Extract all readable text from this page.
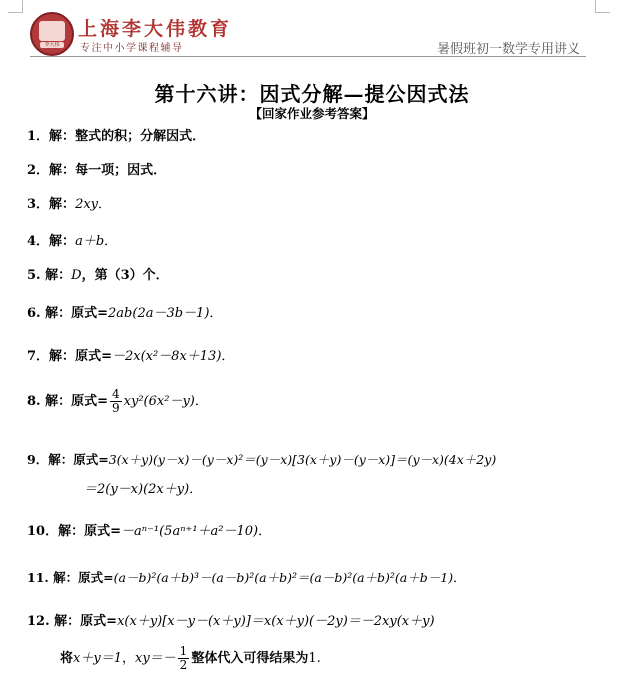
李大伟
上海李大伟教育
专注中小学课程辅导	暑假班初一数学专用讲义
第十六讲：因式分解—提公因式法
【回家作业参考答案】
1．解：整式的积；分解因式．
2．解：每一项；因式．
3．解：2xy．
4．解：a＋b．
5. 解：D，第（3）个．
6. 解：原式=2ab(2a－3b－1)．
7．解：原式=－2x(x²－8x＋13)．
8. 解：原式= $\frac{4}{9} xy^2(6x^2-y)$．
9．解：原式=3(x＋y)(y－x)－(y－x)²＝(y－x)[3(x＋y)－(y－x)]＝(y－x)(4x＋2y)
＝2(y－x)(2x＋y)．
10．解：原式=－aⁿ⁻¹(5aⁿ⁺¹＋a²－10)．
11. 解：原式=(a－b)²(a＋b)³－(a－b)²(a＋b)²＝(a－b)²(a＋b)²(a＋b－1)．
12. 解：原式=x(x＋y)[x－y－(x＋y)]＝x(x＋y)(－2y)＝－2xy(x＋y)
将x＋y＝1，$xy=- \frac{1}{2}$ 整体代入可得结果为1.
